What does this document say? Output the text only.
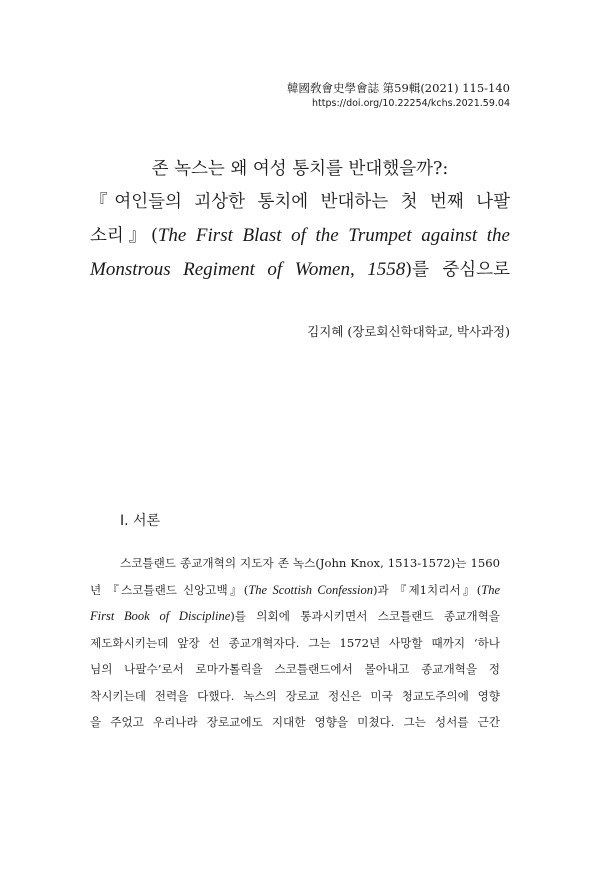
韓國敎會史學會誌 第59輯(2021) 115-140
https://doi.org/10.22254/kchs.2021.59.04
존 녹스는 왜 여성 통치를 반대했을까?:
『여인들의 괴상한 통치에 반대하는 첫 번째 나팔
소리』(The First Blast of the Trumpet against the
Monstrous Regiment of Women, 1558)를 중심으로
김지혜 (장로회신학대학교, 박사과정)
Ⅰ. 서론
스코틀랜드 종교개혁의 지도자 존 녹스(John Knox, 1513-1572)는 1560
년 『스코틀랜드 신앙고백』(The Scottish Confession)과 『제1치리서』(The
First Book of Discipline)를 의회에 통과시키면서 스코틀랜드 종교개혁을
제도화시키는데 앞장 선 종교개혁자다. 그는 1572년 사망할 때까지 ‘하나
님의 나팔수’로서 로마가톨릭을 스코틀랜드에서 몰아내고 종교개혁을 정
착시키는데 전력을 다했다. 녹스의 장로교 정신은 미국 청교도주의에 영향
을 주었고 우리나라 장로교에도 지대한 영향을 미쳤다. 그는 성서를 근간
